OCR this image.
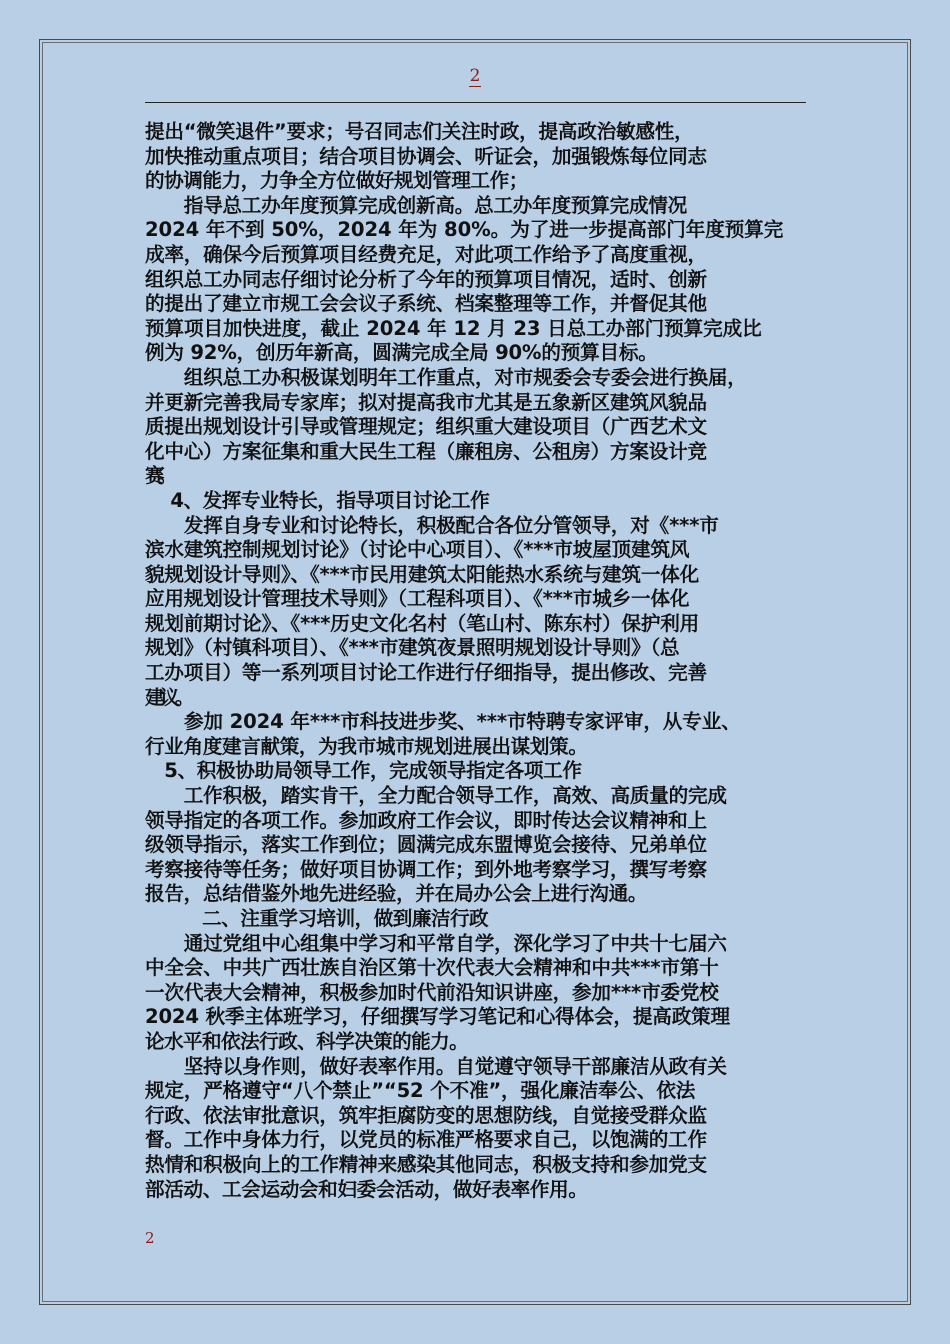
2

提出“微笑退件”要求；号召同志们关注时政，提高政治敏感性，

加快推动重点项目；结合项目协调会、听证会，加强锻炼每位同志

的协调能力，力争全方位做好规划管理工作；

　　指导总工办年度预算完成创新高。总工办年度预算完成情况

2024 年不到 50%，2024 年为 80%。为了进一步提高部门年度预算完

成率，确保今后预算项目经费充足，对此项工作给予了高度重视，

组织总工办同志仔细讨论分析了今年的预算项目情况，适时、创新

的提出了建立市规工会会议子系统、档案整理等工作，并督促其他

预算项目加快进度，截止 2024 年 12 月 23 日总工办部门预算完成比

例为 92%，创历年新高，圆满完成全局 90%的预算目标。

　　组织总工办积极谋划明年工作重点，对市规委会专委会进行换届，

并更新完善我局专家库；拟对提高我市尤其是五象新区建筑风貌品

质提出规划设计引导或管理规定；组织重大建设项目（广西艺术文

化中心）方案征集和重大民生工程（廉租房、公租房）方案设计竞

赛。

　 4、发挥专业特长，指导项目讨论工作

　　发挥自身专业和讨论特长，积极配合各位分管领导，对《***市

滨水建筑控制规划讨论》（讨论中心项目）、《***市坡屋顶建筑风

貌规划设计导则》、《***市民用建筑太阳能热水系统与建筑一体化

应用规划设计管理技术导则》（工程科项目）、《***市城乡一体化

规划前期讨论》、《***历史文化名村（笔山村、陈东村）保护利用

规划》（村镇科项目）、《***市建筑夜景照明规划设计导则》（总

工办项目）等一系列项目讨论工作进行仔细指导，提出修改、完善

建议。

　　参加 2024 年***市科技进步奖、***市特聘专家评审，从专业、

行业角度建言献策，为我市城市规划进展出谋划策。

　5、积极协助局领导工作，完成领导指定各项工作

　　工作积极，踏实肯干，全力配合领导工作，高效、高质量的完成

领导指定的各项工作。参加政府工作会议，即时传达会议精神和上

级领导指示，落实工作到位；圆满完成东盟博览会接待、兄弟单位

考察接待等任务；做好项目协调工作；到外地考察学习，撰写考察

报告，总结借鉴外地先进经验，并在局办公会上进行沟通。

　　　二、注重学习培训，做到廉洁行政

　　通过党组中心组集中学习和平常自学，深化学习了中共十七届六

中全会、中共广西壮族自治区第十次代表大会精神和中共***市第十

一次代表大会精神，积极参加时代前沿知识讲座，参加***市委党校

2024 秋季主体班学习，仔细撰写学习笔记和心得体会，提高政策理

论水平和依法行政、科学决策的能力。

　　坚持以身作则，做好表率作用。自觉遵守领导干部廉洁从政有关

规定，严格遵守“八个禁止”“52 个不准”，强化廉洁奉公、依法

行政、依法审批意识，筑牢拒腐防变的思想防线，自觉接受群众监

督。工作中身体力行，以党员的标准严格要求自己，以饱满的工作

热情和积极向上的工作精神来感染其他同志，积极支持和参加党支

部活动、工会运动会和妇委会活动，做好表率作用。

2
